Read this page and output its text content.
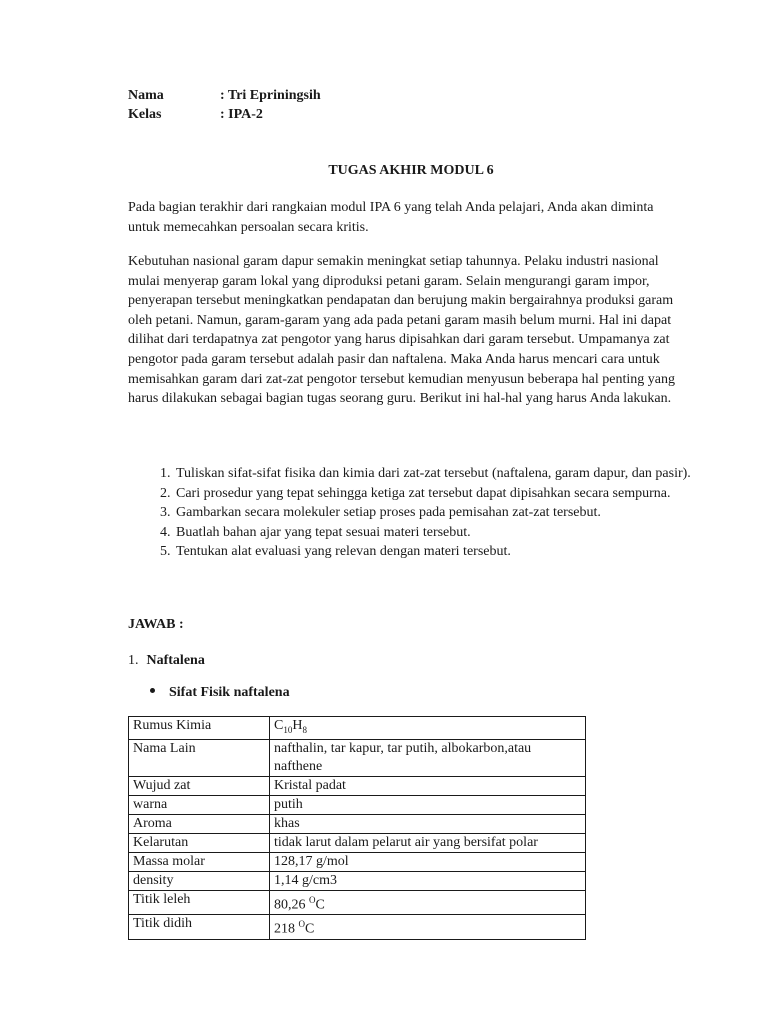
Nama	: Tri Epriningsih
Kelas	: IPA-2
TUGAS AKHIR MODUL 6
Pada bagian terakhir dari rangkaian modul IPA 6 yang telah Anda pelajari, Anda akan diminta untuk memecahkan persoalan secara kritis.
Kebutuhan nasional garam dapur semakin meningkat setiap tahunnya. Pelaku industri nasional mulai menyerap garam lokal yang diproduksi petani garam. Selain mengurangi garam impor, penyerapan tersebut meningkatkan pendapatan dan berujung makin bergairahnya produksi garam oleh petani. Namun, garam-garam yang ada pada petani garam masih belum murni. Hal ini dapat dilihat dari terdapatnya zat pengotor yang harus dipisahkan dari garam tersebut. Umpamanya zat pengotor pada garam tersebut adalah pasir dan naftalena. Maka Anda harus mencari cara untuk memisahkan garam dari zat-zat pengotor tersebut kemudian menyusun beberapa hal penting yang harus dilakukan sebagai bagian tugas seorang guru. Berikut ini hal-hal yang harus Anda lakukan.
1. Tuliskan sifat-sifat fisika dan kimia dari zat-zat tersebut (naftalena, garam dapur, dan pasir).
2. Cari prosedur yang tepat sehingga ketiga zat tersebut dapat dipisahkan secara sempurna.
3. Gambarkan secara molekuler setiap proses pada pemisahan zat-zat tersebut.
4. Buatlah bahan ajar yang tepat sesuai materi tersebut.
5. Tentukan alat evaluasi yang relevan dengan materi tersebut.
JAWAB :
1. Naftalena
Sifat Fisik naftalena
Rumus Kimia	$C_{10}H_8$
Nama Lain	nafthalin, tar kapur, tar putih, albokarbon,atau nafthene
Wujud zat	Kristal padat
warna	putih
Aroma	khas
Kelarutan	tidak larut dalam pelarut air yang bersifat polar
Massa molar	128,17 g/mol
density	1,14 g/cm3
Titik leleh	80,26 $^O$C
Titik didih	218 $^O$C
